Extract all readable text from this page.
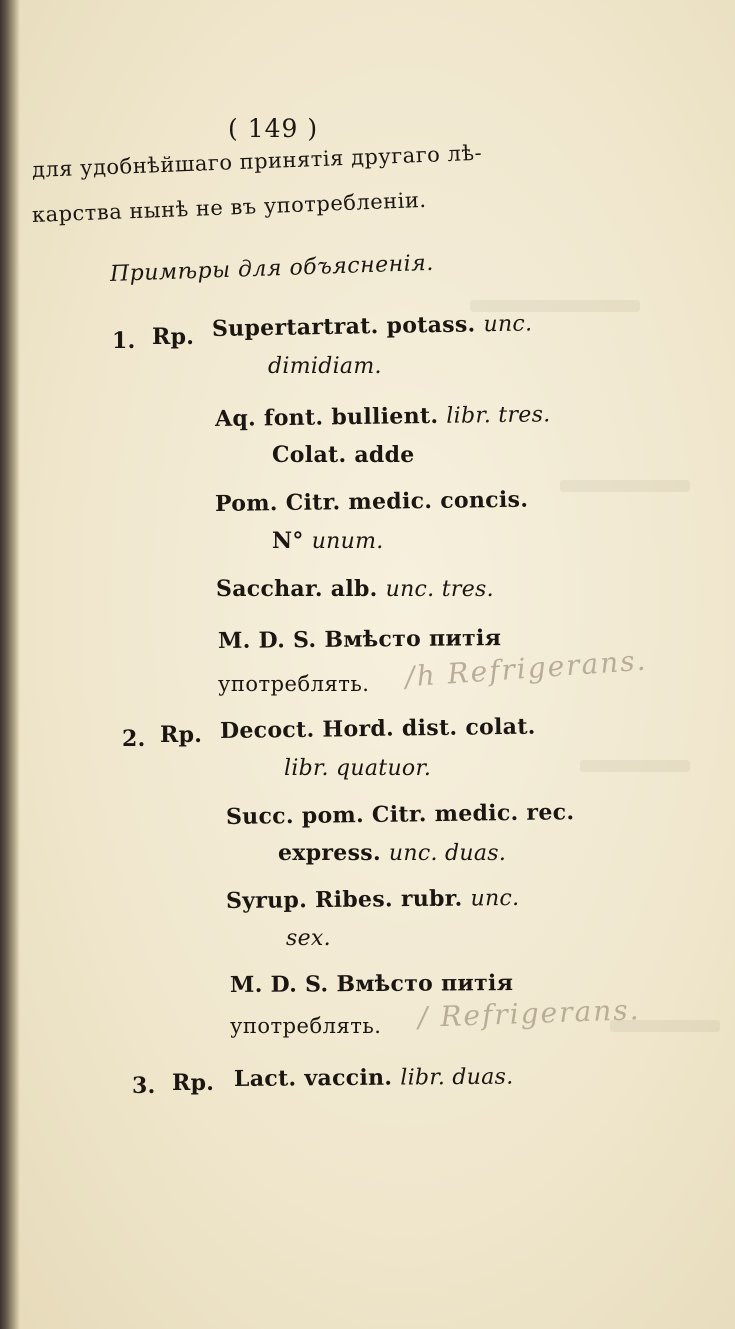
( 149 )
для удобнѣйшаго принятія другаго лѣ-
карства нынѣ не въ употребленіи.
Примѣры для объясненія.
1. Rp. Supertartrat. potass. unc.
dimidiam.
Aq. font. bullient. libr. tres.
Colat. adde
Pom. Citr. medic. concis.
N° unum.
Sacchar. alb. unc. tres.
M. D. S. Вмѣсто питія
употреблять. /h Refrigerans.
2. Rp. Decoct. Hord. dist. colat.
libr. quatuor.
Succ. pom. Citr. medic. rec.
express. unc. duas.
Syrup. Ribes. rubr. unc.
sex.
M. D. S. Вмѣсто питія
употреблять. / Refrigerans.
3. Rp. Lact. vaccin. libr. duas.
